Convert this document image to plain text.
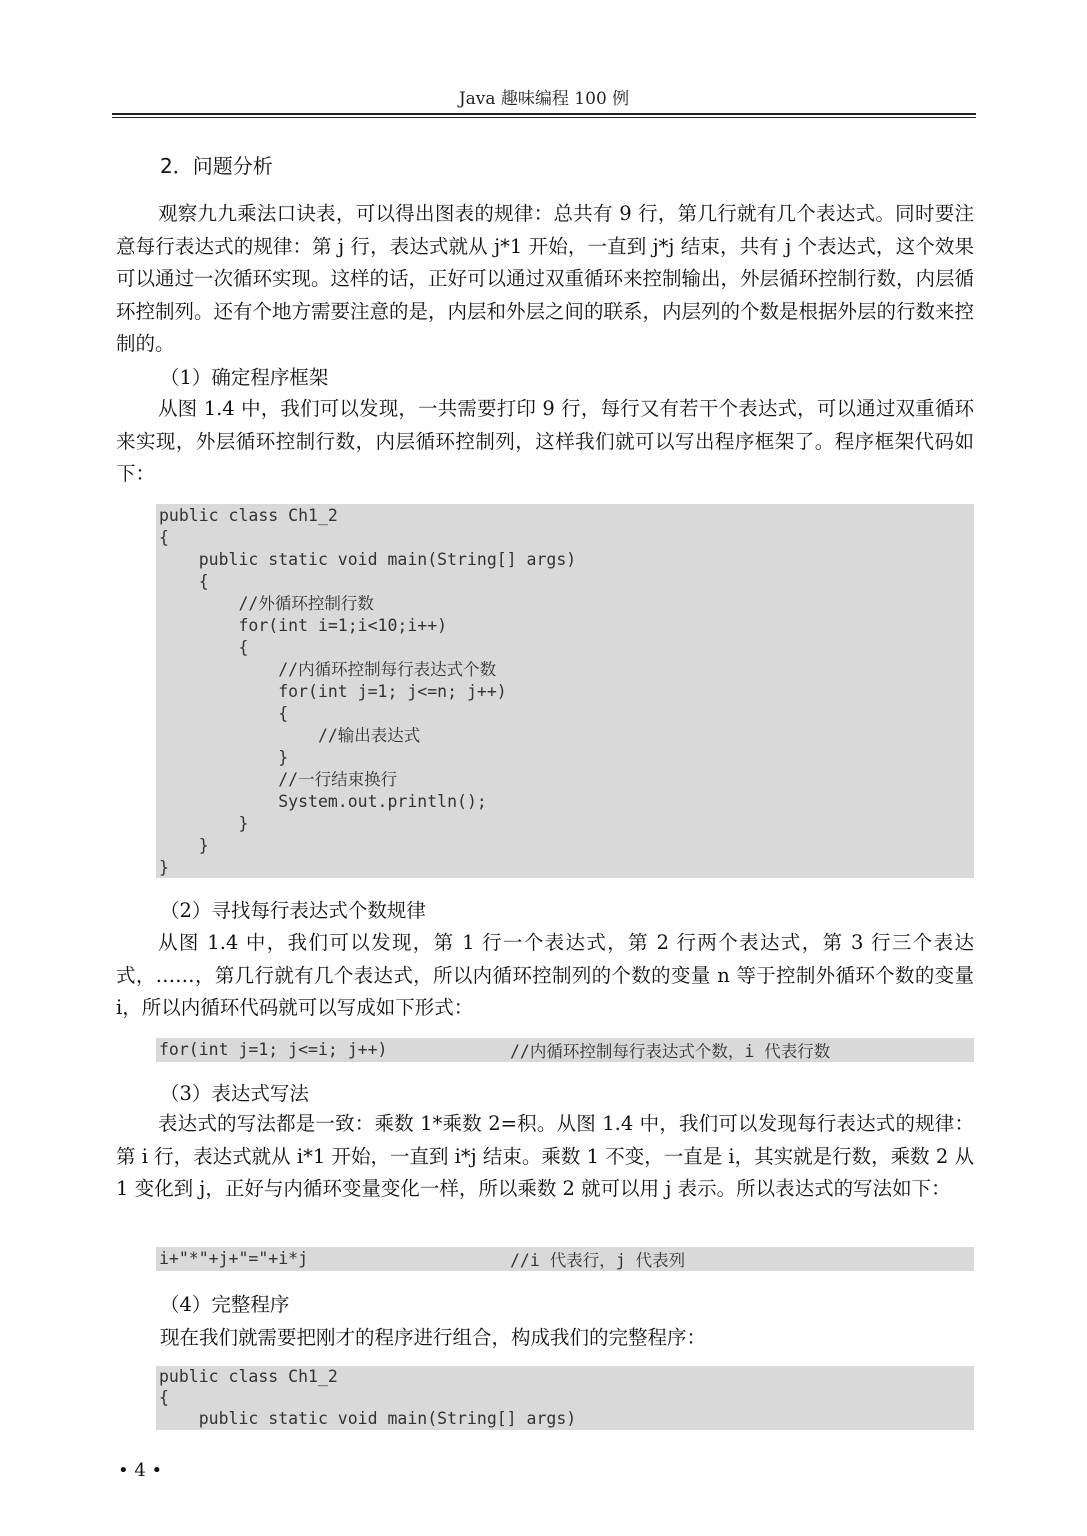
Java 趣味编程 100 例
2．问题分析

观察九九乘法口诀表，可以得出图表的规律：总共有 9 行，第几行就有几个表达式。同时要注意每行表达式的规律：第 j 行，表达式就从 j*1 开始，一直到 j*j 结束，共有 j 个表达式，这个效果可以通过一次循环实现。这样的话，正好可以通过双重循环来控制输出，外层循环控制行数，内层循环控制列。还有个地方需要注意的是，内层和外层之间的联系，内层列的个数是根据外层的行数来控制的。

（1）确定程序框架

从图 1.4 中，我们可以发现，一共需要打印 9 行，每行又有若干个表达式，可以通过双重循环来实现，外层循环控制行数，内层循环控制列，这样我们就可以写出程序框架了。程序框架代码如下：

public class Ch1_2
{
public static void main(String[] args)
{
//外循环控制行数
for(int i=1;i<10;i++)
{
//内循环控制每行表达式个数
for(int j=1; j<=n; j++)
{
//输出表达式
}
//一行结束换行
System.out.println();
}
}
}
（2）寻找每行表达式个数规律

从图 1.4 中，我们可以发现，第 1 行一个表达式，第 2 行两个表达式，第 3 行三个表达式，……，第几行就有几个表达式，所以内循环控制列的个数的变量 n 等于控制外循环个数的变量 i，所以内循环代码就可以写成如下形式：

for(int j=1; j<=i; j++)	//内循环控制每行表达式个数，i 代表行数
（3）表达式写法

表达式的写法都是一致：乘数 1*乘数 2=积。从图 1.4 中，我们可以发现每行表达式的规律：第 i 行，表达式就从 i*1 开始，一直到 i*j 结束。乘数 1 不变，一直是 i，其实就是行数，乘数 2 从 1 变化到 j，正好与内循环变量变化一样，所以乘数 2 就可以用 j 表示。所以表达式的写法如下：

i+"*"+j+"="+i*j	//i 代表行，j 代表列
（4）完整程序
现在我们就需要把刚才的程序进行组合，构成我们的完整程序：
public class Ch1_2
{
public static void main(String[] args)
• 4 •
